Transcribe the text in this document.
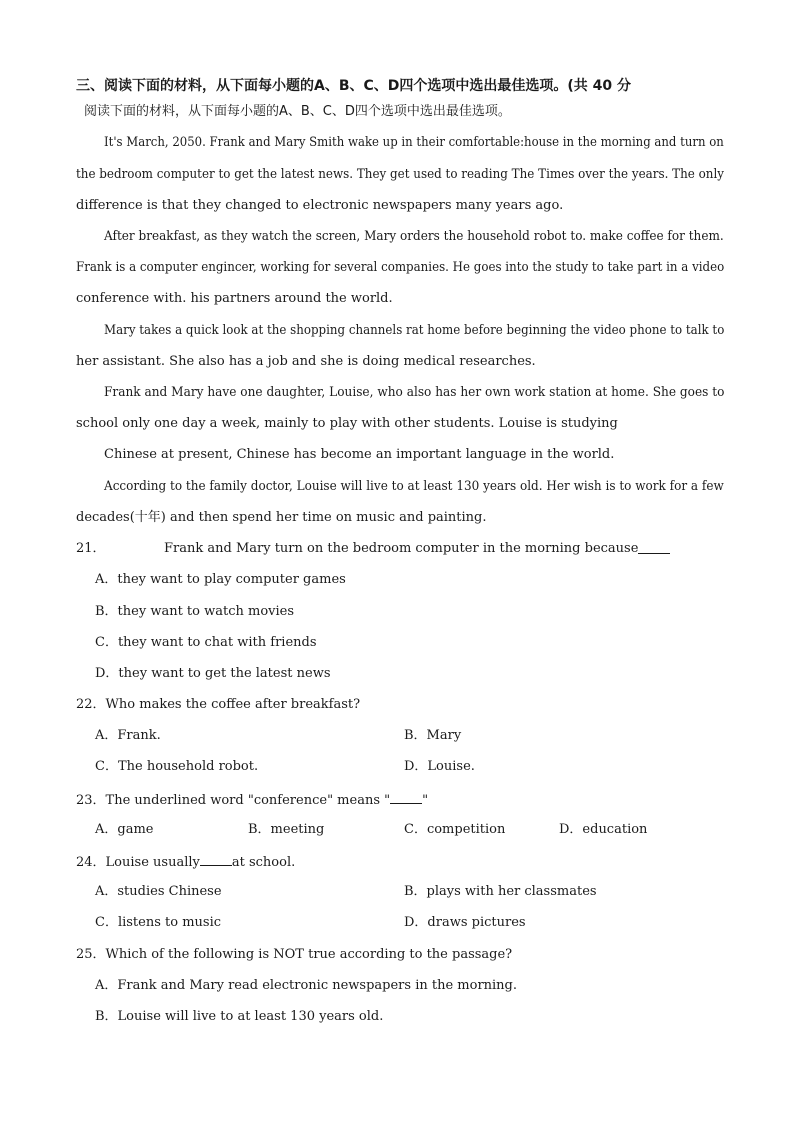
三、阅读下面的材料，从下面每小题的A、B、C、D四个选项中选出最佳选项。(共 40 分
阅读下面的材料，从下面每小题的A、B、C、D四个选项中选出最佳选项。
It's March, 2050. Frank and Mary Smith wake up in their comfortable:house in the morning and turn on
the bedroom computer to get the latest news. They get used to reading The Times over the years. The only
difference is that they changed to electronic newspapers many years ago.
After breakfast, as they watch the screen, Mary orders the household robot to. make coffee for them.
Frank is a computer engincer, working for several companies. He goes into the study to take part in a video
conference with. his partners around the world.
Mary takes a quick look at the shopping channels rat home before beginning the video phone to talk to
her assistant. She also has a job and she is doing medical researches.
Frank and Mary have one daughter, Louise, who also has her own work station at home. She goes to
school only one day a week, mainly to play with other students. Louise is studying
Chinese at present, Chinese has become an important language in the world.
According to the family doctor, Louise will live to at least 130 years old. Her wish is to work for a few
decades(十年) and then spend her time on music and painting.
21．	Frank and Mary turn on the bedroom computer in the morning because
A．they want to play computer games
B．they want to watch movies
C．they want to chat with friends
D．they want to get the latest news
22．Who makes the coffee after breakfast?
A．Frank.	B．Mary
C．The household robot.	D．Louise.
23．The underlined word "conference" means " "
A．game	B．meeting	C．competition	D．education
24．Louise usually at school.
A．studies Chinese	B．plays with her classmates
C．listens to music	D．draws pictures
25．Which of the following is NOT true according to the passage?
A．Frank and Mary read electronic newspapers in the morning.
B．Louise will live to at least 130 years old.
